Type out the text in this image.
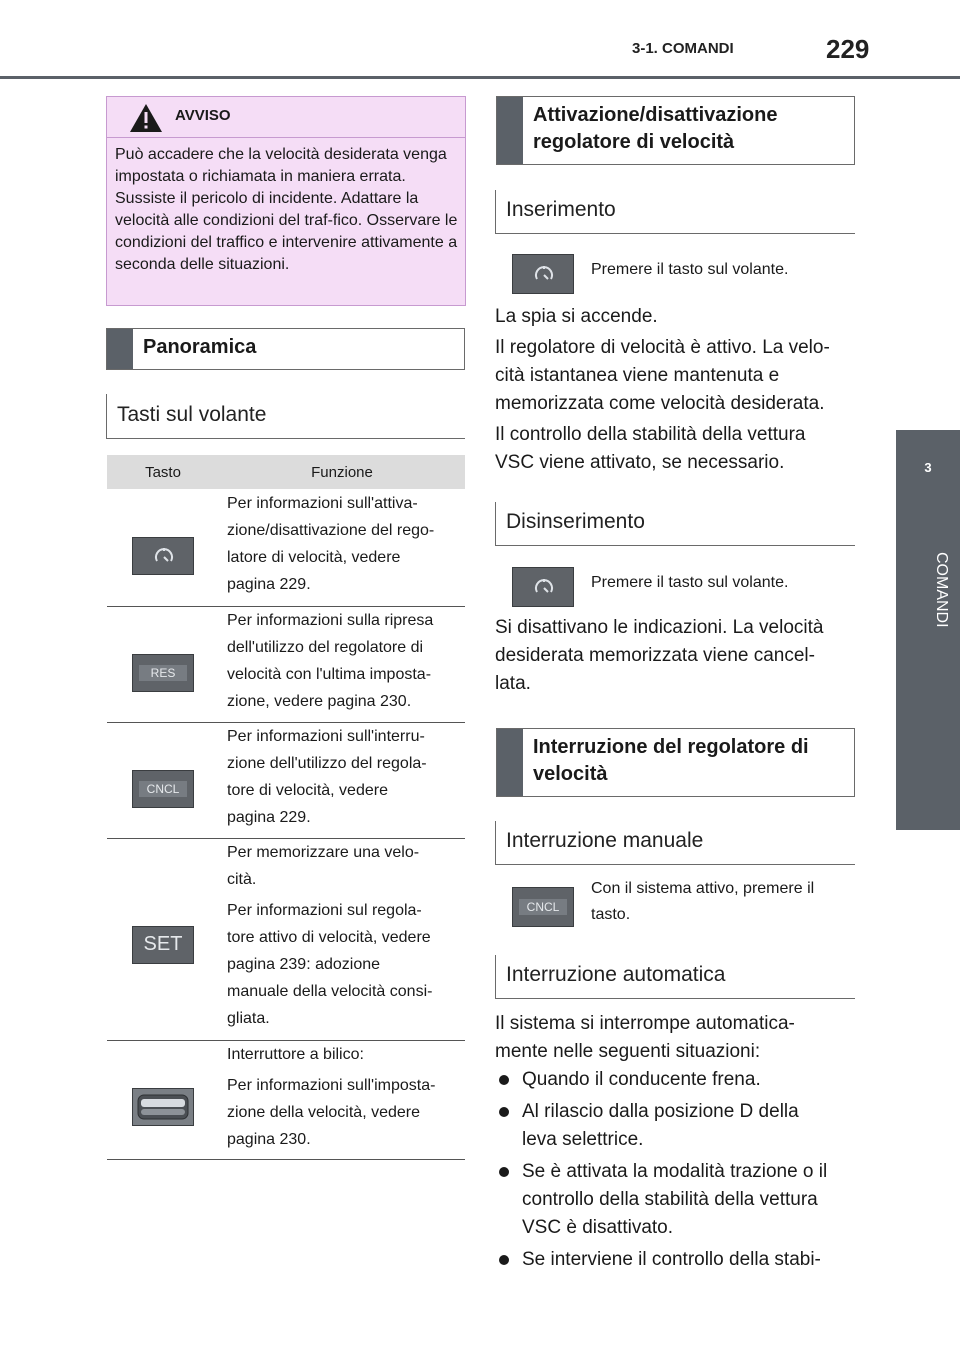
3-1. COMANDI	229
3
COMANDI
AVVISO
Può accadere che la velocità desiderata venga impostata o richiamata in maniera errata. Sussiste il pericolo di incidente. Adattare la velocità alle condizioni del traf-fico. Osservare le condizioni del traffico e intervenire attivamente a seconda delle situazioni.
Panoramica
Tasti sul volante
Tasto	Funzione
Per informazioni sull'attiva-
zione/disattivazione del rego-
latore di velocità, vedere
pagina 229.
RES
Per informazioni sulla ripresa
dell'utilizzo del regolatore di
velocità con l'ultima imposta-
zione, vedere pagina 230.
CNCL
Per informazioni sull'interru-
zione dell'utilizzo del regola-
tore di velocità, vedere
pagina 229.
SET
Per memorizzare una velo-
cità.
Per informazioni sul regola-
tore attivo di velocità, vedere
pagina 239: adozione
manuale della velocità consi-
gliata.
Interruttore a bilico:
Per informazioni sull'imposta-
zione della velocità, vedere
pagina 230.
Attivazione/disattivazione
regolatore di velocità
Inserimento
Premere il tasto sul volante.
La spia si accende.
Il regolatore di velocità è attivo. La velo-
cità istantanea viene mantenuta e
memorizzata come velocità desiderata.
Il controllo della stabilità della vettura
VSC viene attivato, se necessario.
Disinserimento
Premere il tasto sul volante.
Si disattivano le indicazioni. La velocità
desiderata memorizzata viene cancel-
lata.
Interruzione del regolatore di
velocità
Interruzione manuale
CNCL
Con il sistema attivo, premere il
tasto.
Interruzione automatica
Il sistema si interrompe automatica-
mente nelle seguenti situazioni:
Quando il conducente frena.
Al rilascio dalla posizione D della
leva selettrice.
Se è attivata la modalità trazione o il
controllo della stabilità della vettura
VSC è disattivato.
Se interviene il controllo della stabi-
